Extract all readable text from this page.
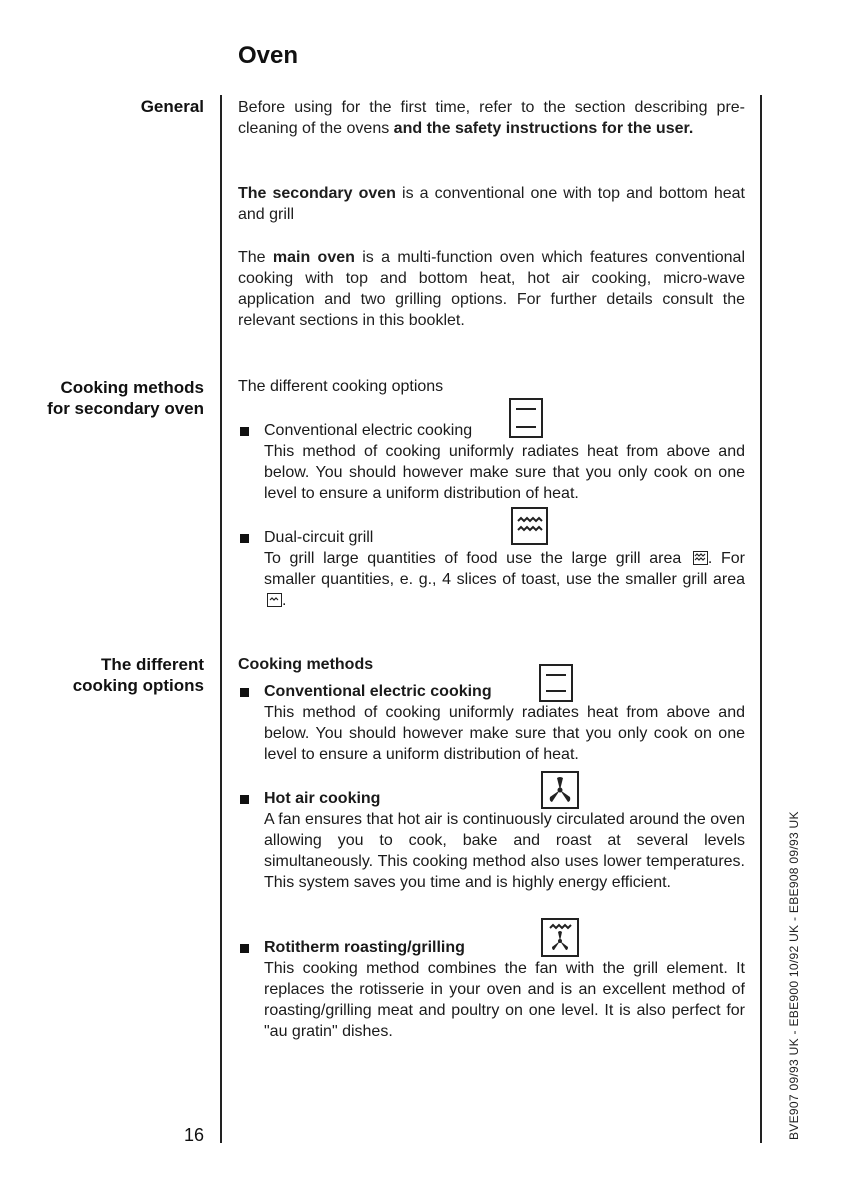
Oven
General
Cooking methods for secondary oven
The different cooking options

Before using for the first time, refer to the section describing pre-cleaning of the ovens and the safety instructions for the user.

The secondary oven is a conventional one with top and bottom heat and grill

The main oven is a multi-function oven which features conventional cooking with top and bottom heat, hot air cooking, micro-wave application and two grilling options. For further details consult the relevant sections in this booklet.

The different cooking options
Conventional electric cooking
This method of cooking uniformly radiates heat from above and below. You should however make sure that you only cook on one level to ensure a uniform distribution of heat.
Dual-circuit grill

To grill large quantities of food use the large grill area
. For smaller quantities, e. g., 4 slices of toast, use the smaller grill area
.

Cooking methods
Conventional electric cooking
This method of cooking uniformly radiates heat from above and below. You should however make sure that you only cook on one level to ensure a uniform distribution of heat.
Hot air cooking
A fan ensures that hot air is continuously circulated around the oven allowing you to cook, bake and roast at several levels simultaneously. This cooking method also uses lower temperatures. This system saves you time and is highly energy efficient.
Rotitherm roasting/grilling
This cooking method combines the fan with the grill element. It replaces the rotisserie in your oven and is an excellent method of roasting/grilling meat and poultry on one level. It is also perfect for "au gratin" dishes.
16	BVE907 09/93 UK - EBE900 10/92 UK - EBE908 09/93 UK
